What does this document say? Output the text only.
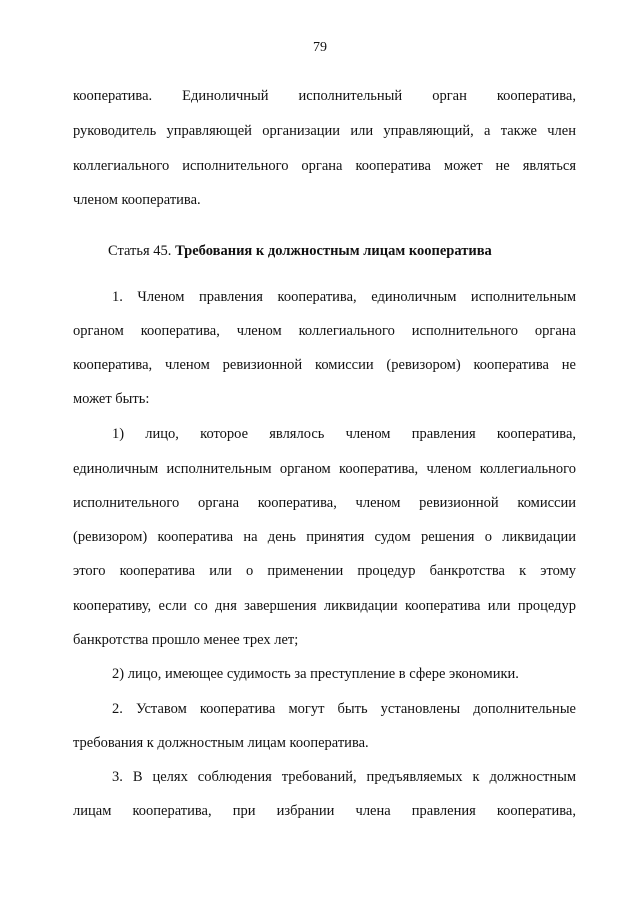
79
кооператива. Единоличный исполнительный орган кооператива,
руководитель управляющей организации или управляющий, а также член
коллегиального исполнительного органа кооператива может не являться
членом кооператива.
Статья 45. Требования к должностным лицам кооператива
1. Членом правления кооператива, единоличным исполнительным
органом кооператива, членом коллегиального исполнительного органа
кооператива, членом ревизионной комиссии (ревизором) кооператива не
может быть:
1) лицо, которое являлось членом правления кооператива,
единоличным исполнительным органом кооператива, членом коллегиального
исполнительного органа кооператива, членом ревизионной комиссии
(ревизором) кооператива на день принятия судом решения о ликвидации
этого кооператива или о применении процедур банкротства к этому
кооперативу, если со дня завершения ликвидации кооператива или процедур
банкротства прошло менее трех лет;
2) лицо, имеющее судимость за преступление в сфере экономики.
2. Уставом кооператива могут быть установлены дополнительные
требования к должностным лицам кооператива.
3. В целях соблюдения требований, предъявляемых к должностным
лицам кооператива, при избрании члена правления кооператива,
